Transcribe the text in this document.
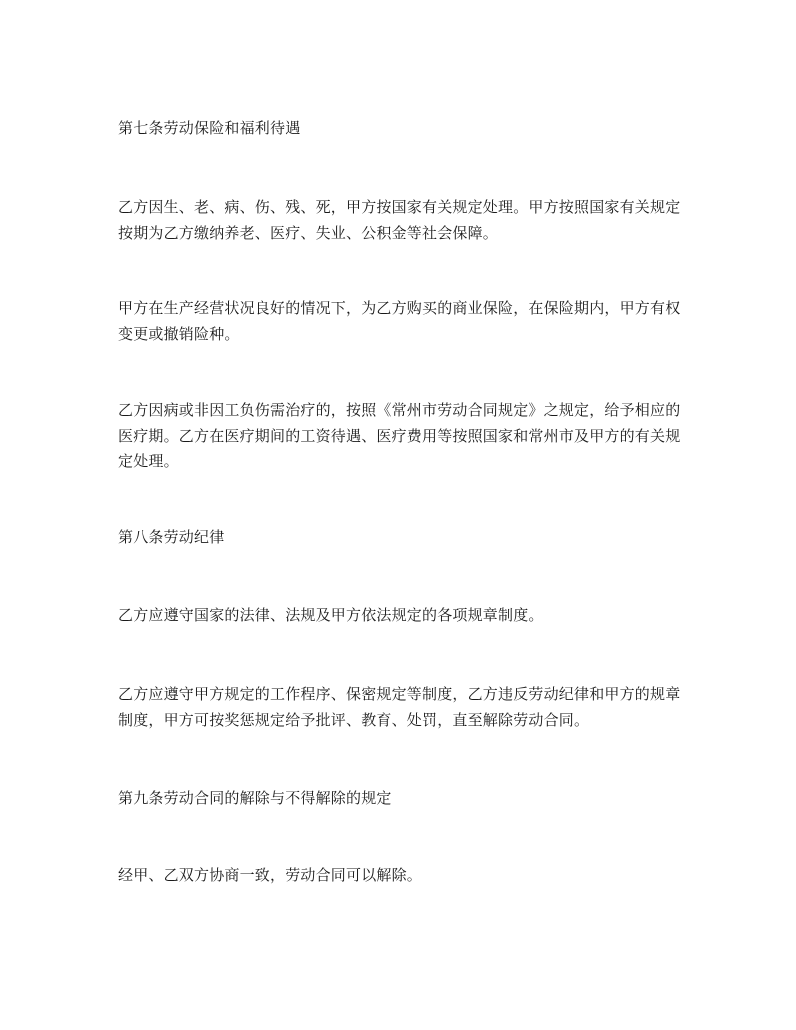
第七条劳动保险和福利待遇

乙方因生、老、病、伤、残、死，甲方按国家有关规定处理。甲方按照国家有关规定按期为乙方缴纳养老、医疗、失业、公积金等社会保障。

甲方在生产经营状况良好的情况下，为乙方购买的商业保险，在保险期内，甲方有权变更或撤销险种。

乙方因病或非因工负伤需治疗的，按照《常州市劳动合同规定》之规定，给予相应的医疗期。乙方在医疗期间的工资待遇、医疗费用等按照国家和常州市及甲方的有关规定处理。

第八条劳动纪律

乙方应遵守国家的法律、法规及甲方依法规定的各项规章制度。

乙方应遵守甲方规定的工作程序、保密规定等制度，乙方违反劳动纪律和甲方的规章制度，甲方可按奖惩规定给予批评、教育、处罚，直至解除劳动合同。

第九条劳动合同的解除与不得解除的规定

经甲、乙双方协商一致，劳动合同可以解除。
